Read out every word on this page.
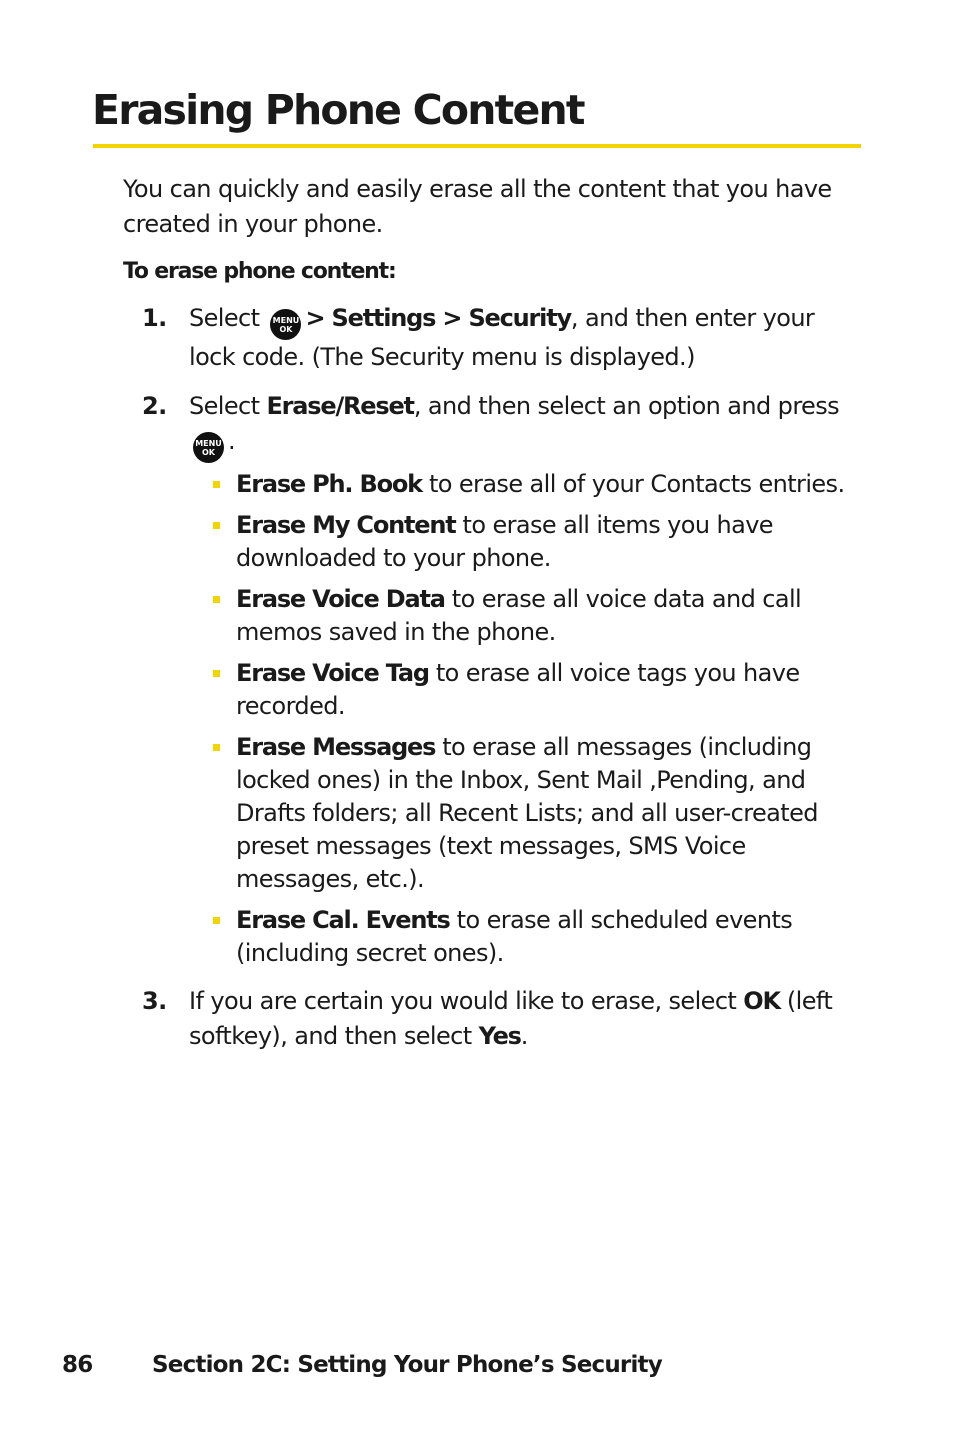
Erasing Phone Content

You can quickly and easily erase all the content that you have created in your phone.

To erase phone content:

1. Select MENU
OK > Settings > Security, and then enter your lock code. (The Security menu is displayed.)
2. Select Erase/Reset, and then select an option and press MENU
OK .
Erase Ph. Book to erase all of your Contacts entries.
Erase My Content to erase all items you have downloaded to your phone.
Erase Voice Data to erase all voice data and call memos saved in the phone.
Erase Voice Tag to erase all voice tags you have recorded.
Erase Messages to erase all messages (including locked ones) in the Inbox, Sent Mail ,Pending, and Drafts folders; all Recent Lists; and all user-created preset messages (text messages, SMS Voice messages, etc.).
Erase Cal. Events to erase all scheduled events (including secret ones).
3. If you are certain you would like to erase, select OK (left softkey), and then select Yes.
86	Section 2C: Setting Your Phone’s Security
